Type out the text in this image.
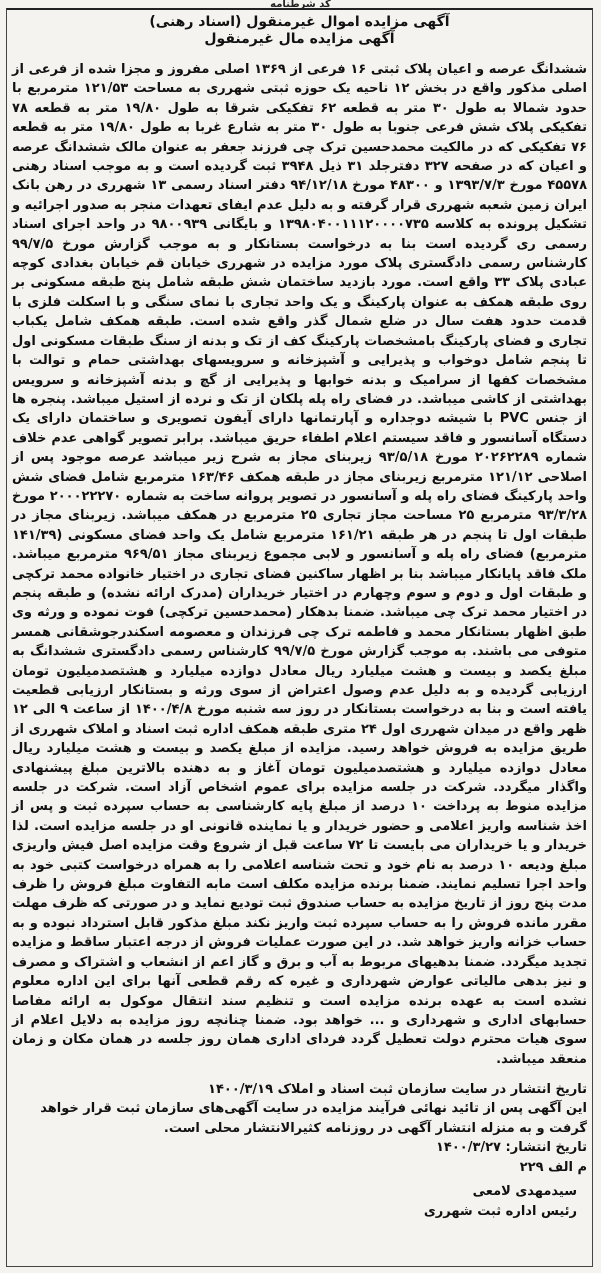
کد شرطنامه

آگهی مزایده اموال غیرمنقول (اسناد رهنی)

آگهی مزایده مال غیرمنقول

ششدانگ عرصه و اعیان پلاک ثبتی ۱۶ فرعی از ۱۳۶۹ اصلی مفروز و مجزا شده از فرعی از اصلی مذکور واقع در بخش ۱۲ ناحیه یک حوزه ثبتی شهرری به مساحت ۱۲۱/۵۳ مترمربع با حدود شمالا به طول ۳۰ متر به قطعه ۶۲ تفکیکی شرقا به طول ۱۹/۸۰ متر به قطعه ۷۸ تفکیکی پلاک شش فرعی جنوبا به طول ۳۰ متر به شارع غربا به طول ۱۹/۸۰ متر به قطعه ۷۶ تفکیکی که در مالکیت محمدحسین ترک چی فرزند جعفر به عنوان مالک ششدانگ عرصه و اعیان که در صفحه ۳۲۷ دفترجلد ۳۱ ذیل ۳۹۴۸ ثبت گردیده است و به موجب اسناد رهنی ۴۵۵۷۸ مورخ ۱۳۹۳/۷/۳ و ۴۸۳۰۰ مورخ ۹۴/۱۲/۱۸ دفتر اسناد رسمی ۱۳ شهرری در رهن بانک ایران زمین شعبه شهرری قرار گرفته و به دلیل عدم ایفای تعهدات منجر به صدور اجرائیه و تشکیل پرونده به کلاسه ۱۳۹۸۰۴۰۰۱۱۱۲۰۰۰۰۷۳۵ و بایگانی ۹۸۰۰۹۳۹ در واحد اجرای اسناد رسمی ری گردیده است بنا به درخواست بستانکار و به موجب گزارش مورخ ۹۹/۷/۵ کارشناس رسمی دادگستری پلاک مورد مزایده در شهرری خیابان قم خیابان بغدادی کوچه عبادی پلاک ۳۳ واقع است. مورد بازدید ساختمان شش طبقه شامل پنج طبقه مسکونی بر روی طبقه همکف به عنوان پارکینگ و یک واحد تجاری با نمای سنگی و با اسکلت فلزی با قدمت حدود هفت سال در ضلع شمال گذر واقع شده است. طبقه همکف شامل یکباب تجاری و فضای پارکینگ بامشخصات پارکینگ کف از تک و بدنه از سنگ طبقات مسکونی اول تا پنجم شامل دوخواب و پذیرایی و آشپزخانه و سرویسهای بهداشتی حمام و توالت با مشخصات کفها از سرامیک و بدنه خوابها و پذیرایی از گچ و بدنه آشپزخانه و سرویس بهداشتی از کاشی میباشد. در فضای راه پله پلکان از تک و نرده از استیل میباشد. پنجره ها از جنس PVC با شیشه دوجداره و آپارتمانها دارای آیفون تصویری و ساختمان دارای یک دستگاه آسانسور و فاقد سیستم اعلام اطفاء حریق میباشد. برابر تصویر گواهی عدم خلاف شماره ۲۰۲۶۲۲۸۹ مورخ ۹۳/۵/۱۸ زیربنای مجاز به شرح زیر میباشد عرصه موجود پس از اصلاحی ۱۲۱/۱۲ مترمربع زیربنای مجاز در طبقه همکف ۱۶۳/۴۶ مترمربع شامل فضای شش واحد پارکینگ فضای راه پله و آسانسور در تصویر پروانه ساخت به شماره ۲۰۰۰۲۲۲۷۰ مورخ ۹۳/۳/۲۸ مترمربع ۲۵ مساحت مجاز تجاری ۲۵ مترمربع در همکف میباشد. زیربنای مجاز در طبقات اول تا پنجم در هر طبقه ۱۶۱/۲۱ مترمربع شامل یک واحد فضای مسکونی (۱۴۱/۳۹ مترمربع) فضای راه پله و آسانسور و لابی مجموع زیربنای مجاز ۹۶۹/۵۱ مترمربع میباشد. ملک فاقد پایانکار میباشد بنا بر اظهار ساکنین فضای تجاری در اختیار خانواده محمد ترکچی و طبقات اول و دوم و سوم وچهارم در اختیار خریداران (مدرک ارائه نشده) و طبقه پنجم در اختیار محمد ترک چی میباشد. ضمنا بدهکار (محمدحسین ترکچی) فوت نموده و ورثه وی طبق اظهار بستانکار محمد و فاطمه ترک چی فرزندان و معصومه اسکندرجوشقانی همسر متوفی می باشند. به موجب گزارش مورخ ۹۹/۷/۵ کارشناس رسمی دادگستری ششدانگ به مبلغ یکصد و بیست و هشت میلیارد ریال معادل دوازده میلیارد و هشتصدمیلیون تومان ارزیابی گردیده و به دلیل عدم وصول اعتراض از سوی ورثه و بستانکار ارزیابی قطعیت یافته است و بنا به درخواست بستانکار در روز سه شنبه مورخ ۱۴۰۰/۴/۸ از ساعت ۹ الی ۱۲ ظهر واقع در میدان شهرری اول ۲۴ متری طبقه همکف اداره ثبت اسناد و املاک شهرری از طریق مزایده به فروش خواهد رسید. مزایده از مبلغ یکصد و بیست و هشت میلیارد ریال معادل دوازده میلیارد و هشتصدمیلیون تومان آغاز و به دهنده بالاترین مبلغ پیشنهادی واگذار میگردد. شرکت در جلسه مزایده برای عموم اشخاص آزاد است. شرکت در جلسه مزایده منوط به پرداخت ۱۰ درصد از مبلغ پایه کارشناسی به حساب سپرده ثبت و پس از اخذ شناسه واریز اعلامی و حضور خریدار و یا نماینده قانونی او در جلسه مزایده است. لذا خریدار و یا خریداران می بایست تا ۷۲ ساعت قبل از شروع وقت مزایده اصل فیش واریزی مبلغ ودیعه ۱۰ درصد به نام خود و تحت شناسه اعلامی را به همراه درخواست کتبی خود به واحد اجرا تسلیم نمایند. ضمنا برنده مزایده مکلف است مابه التفاوت مبلغ فروش را ظرف مدت پنج روز از تاریخ مزایده به حساب صندوق ثبت تودیع نماید و در صورتی که ظرف مهلت مقرر مانده فروش را به حساب سپرده ثبت واریز نکند مبلغ مذکور قابل استرداد نبوده و به حساب خزانه واریز خواهد شد. در این صورت عملیات فروش از درجه اعتبار ساقط و مزایده تجدید میگردد. ضمنا بدهیهای مربوط به آب و برق و گاز اعم از انشعاب و اشتراک و مصرف و نیز بدهی مالیاتی عوارض شهرداری و غیره که رقم قطعی آنها برای این اداره معلوم نشده است به عهده برنده مزایده است و تنظیم سند انتقال موکول به ارائه مفاصا حسابهای اداری و شهرداری و ... خواهد بود. ضمنا چنانچه روز مزایده به دلایل اعلام از سوی هیات محترم دولت تعطیل گردد فردای اداری همان روز جلسه در همان مکان و زمان منعقد میباشد.

تاریخ انتشار در سایت سازمان ثبت اسناد و املاک ۱۴۰۰/۳/۱۹
این آگهی پس از تائید نهائی فرآیند مزایده در سایت آگهی‌های سازمان ثبت قرار خواهد گرفت و به منزله انتشار آگهی در روزنامه کثیرالانتشار محلی است.
تاریخ انتشار: ۱۴۰۰/۳/۲۷
م الف ۲۲۹

سیدمهدی لامعی

رئیس اداره ثبت شهرری
